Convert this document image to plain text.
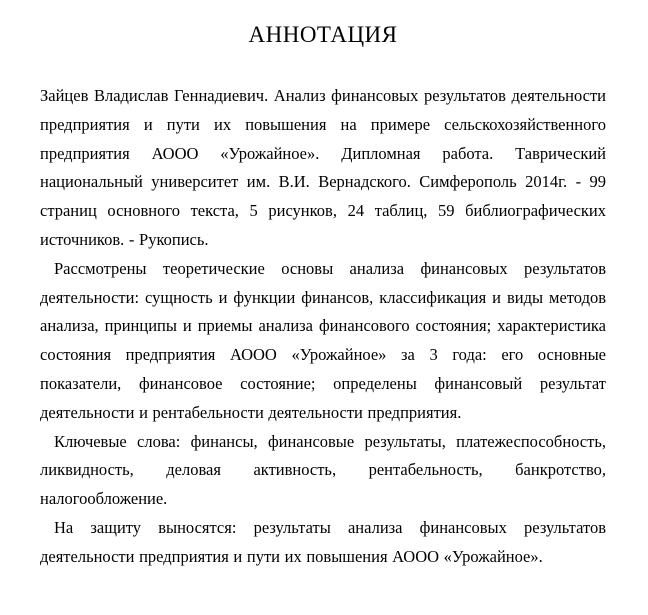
АННОТАЦИЯ

Зайцев Владислав Геннадиевич. Анализ финансовых результатов деятельности предприятия и пути их повышения на примере сельскохозяйственного предприятия АООО «Урожайное». Дипломная работа. Таврический национальный университет им. В.И. Вернадского. Симферополь 2014г. - 99 страниц основного текста, 5 рисунков, 24 таблиц, 59 библиографических источников. - Рукопись.

Рассмотрены теоретические основы анализа финансовых результатов деятельности: сущность и функции финансов, классификация и виды методов анализа, принципы и приемы анализа финансового состояния; характеристика состояния предприятия АООО «Урожайное» за 3 года: его основные показатели, финансовое состояние; определены финансовый результат деятельности и рентабельности деятельности предприятия.

Ключевые слова: финансы, финансовые результаты, платежеспособность, ликвидность, деловая активность, рентабельность, банкротство, налогообложение.

На защиту выносятся: результаты анализа финансовых результатов деятельности предприятия и пути их повышения АООО «Урожайное».
